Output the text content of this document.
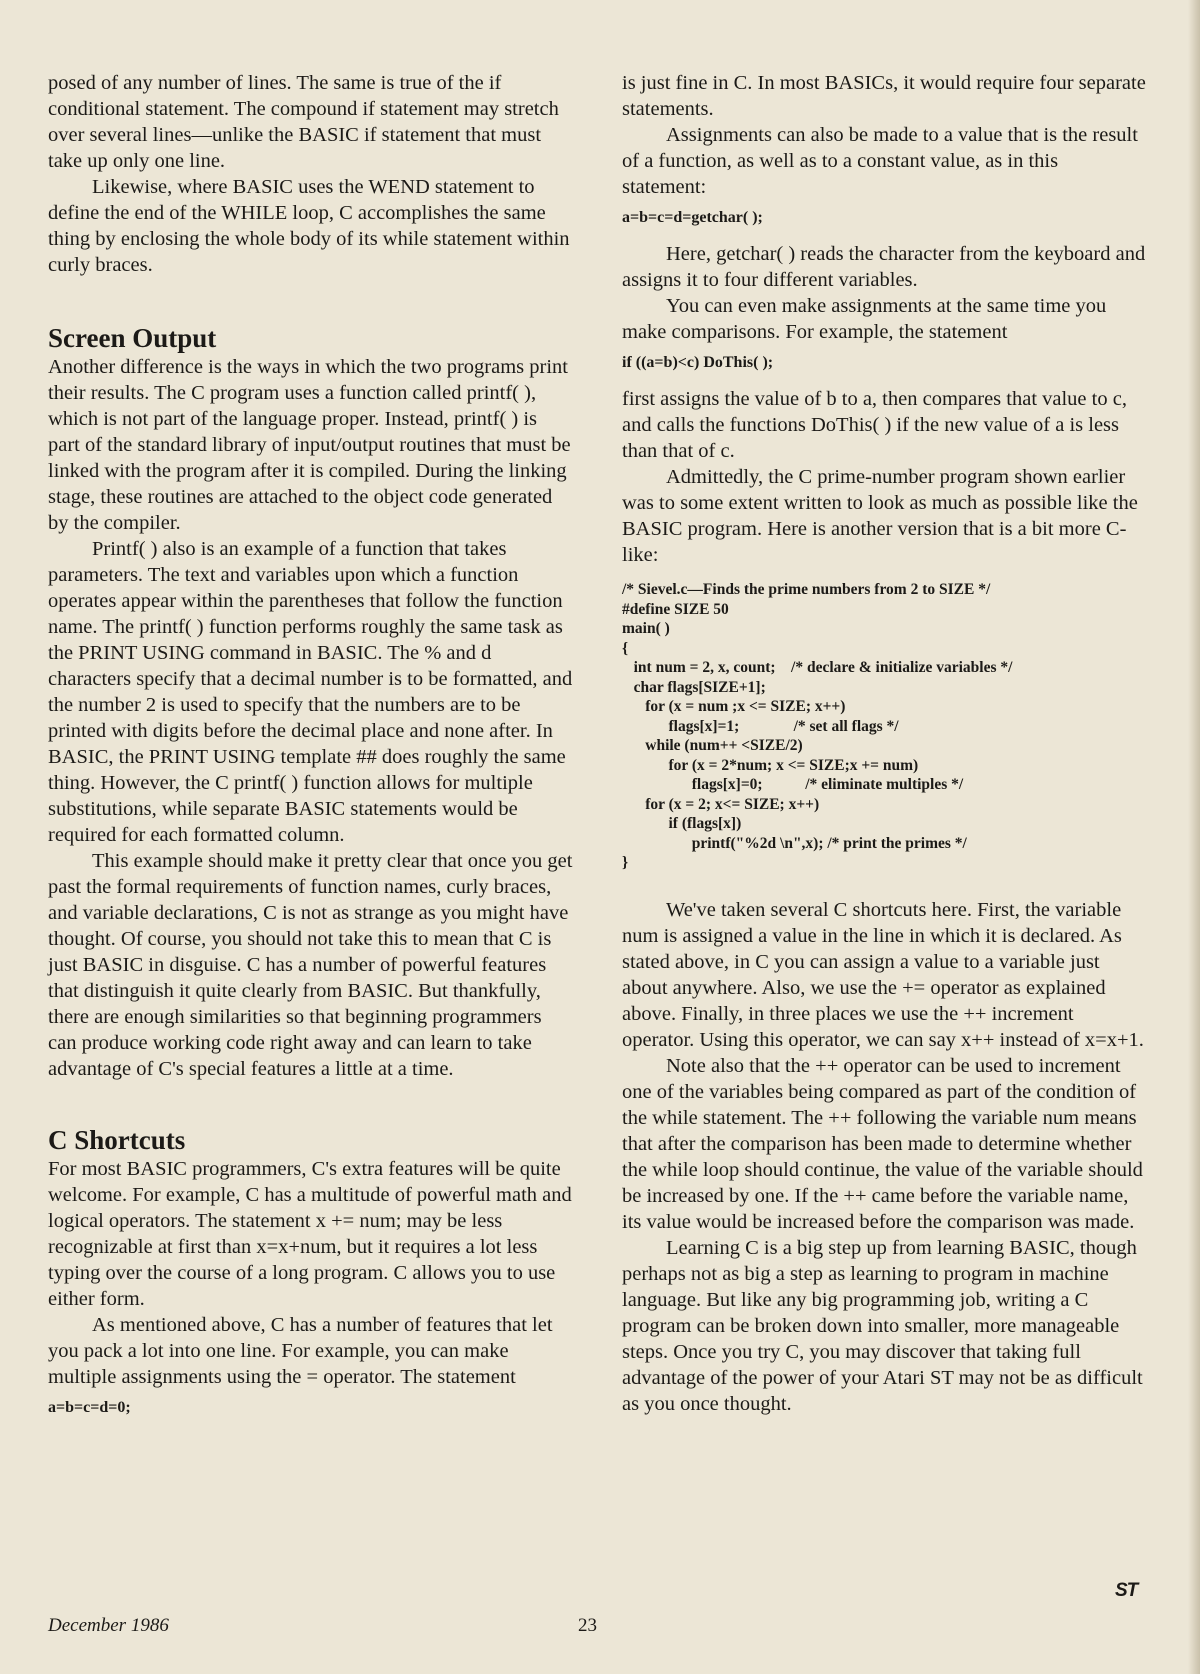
posed of any number of lines. The same is true of the if conditional statement. The compound if statement may stretch over several lines—unlike the BASIC if statement that must take up only one line.

Likewise, where BASIC uses the WEND statement to define the end of the WHILE loop, C accomplishes the same thing by enclosing the whole body of its while statement within curly braces.

Screen Output

Another difference is the ways in which the two programs print their results. The C program uses a function called printf( ), which is not part of the language proper. Instead, printf( ) is part of the standard library of input/output routines that must be linked with the program after it is compiled. During the linking stage, these routines are attached to the object code generated by the compiler.

Printf( ) also is an example of a function that takes parameters. The text and variables upon which a function operates appear within the parentheses that follow the function name. The printf( ) function performs roughly the same task as the PRINT USING command in BASIC. The % and d characters specify that a decimal number is to be formatted, and the number 2 is used to specify that the numbers are to be printed with digits before the decimal place and none after. In BASIC, the PRINT USING template ## does roughly the same thing. However, the C printf( ) function allows for multiple substitutions, while separate BASIC statements would be required for each formatted column.

This example should make it pretty clear that once you get past the formal requirements of function names, curly braces, and variable declarations, C is not as strange as you might have thought. Of course, you should not take this to mean that C is just BASIC in disguise. C has a number of powerful features that distinguish it quite clearly from BASIC. But thankfully, there are enough similarities so that beginning programmers can produce working code right away and can learn to take advantage of C's special features a little at a time.

C Shortcuts

For most BASIC programmers, C's extra features will be quite welcome. For example, C has a multitude of powerful math and logical operators. The statement x += num; may be less recognizable at first than x=x+num, but it requires a lot less typing over the course of a long program. C allows you to use either form.

As mentioned above, C has a number of features that let you pack a lot into one line. For example, you can make multiple assignments using the = operator. The statement

a=b=c=d=0;

is just fine in C. In most BASICs, it would require four separate statements.

Assignments can also be made to a value that is the result of a function, as well as to a constant value, as in this statement:

a=b=c=d=getchar( );

Here, getchar( ) reads the character from the keyboard and assigns it to four different variables.

You can even make assignments at the same time you make comparisons. For example, the statement

if ((a=b)<c) DoThis( );

first assigns the value of b to a, then compares that value to c, and calls the functions DoThis( ) if the new value of a is less than that of c.

Admittedly, the C prime-number program shown earlier was to some extent written to look as much as possible like the BASIC program. Here is another version that is a bit more C-like:

/* Sievel.c—Finds the prime numbers from 2 to SIZE */
#define SIZE 50
main( )
{
int num = 2, x, count;    /* declare & initialize variables */
char flags[SIZE+1];
for (x = num ;x <= SIZE; x++)
flags[x]=1;              /* set all flags */
while (num++ <SIZE/2)
for (x = 2*num; x <= SIZE;x += num)
flags[x]=0;           /* eliminate multiples */
for (x = 2; x<= SIZE; x++)
if (flags[x])
printf("%2d \n",x); /* print the primes */
}

We've taken several C shortcuts here. First, the variable num is assigned a value in the line in which it is declared. As stated above, in C you can assign a value to a variable just about anywhere. Also, we use the += operator as explained above. Finally, in three places we use the ++ increment operator. Using this operator, we can say x++ instead of x=x+1.

Note also that the ++ operator can be used to increment one of the variables being compared as part of the condition of the while statement. The ++ following the variable num means that after the comparison has been made to determine whether the while loop should continue, the value of the variable should be increased by one. If the ++ came before the variable name, its value would be increased before the comparison was made.

Learning C is a big step up from learning BASIC, though perhaps not as big a step as learning to program in machine language. But like any big programming job, writing a C program can be broken down into smaller, more manageable steps. Once you try C, you may discover that taking full advantage of the power of your Atari ST may not be as difficult as you once thought.

ST
December 1986	23
